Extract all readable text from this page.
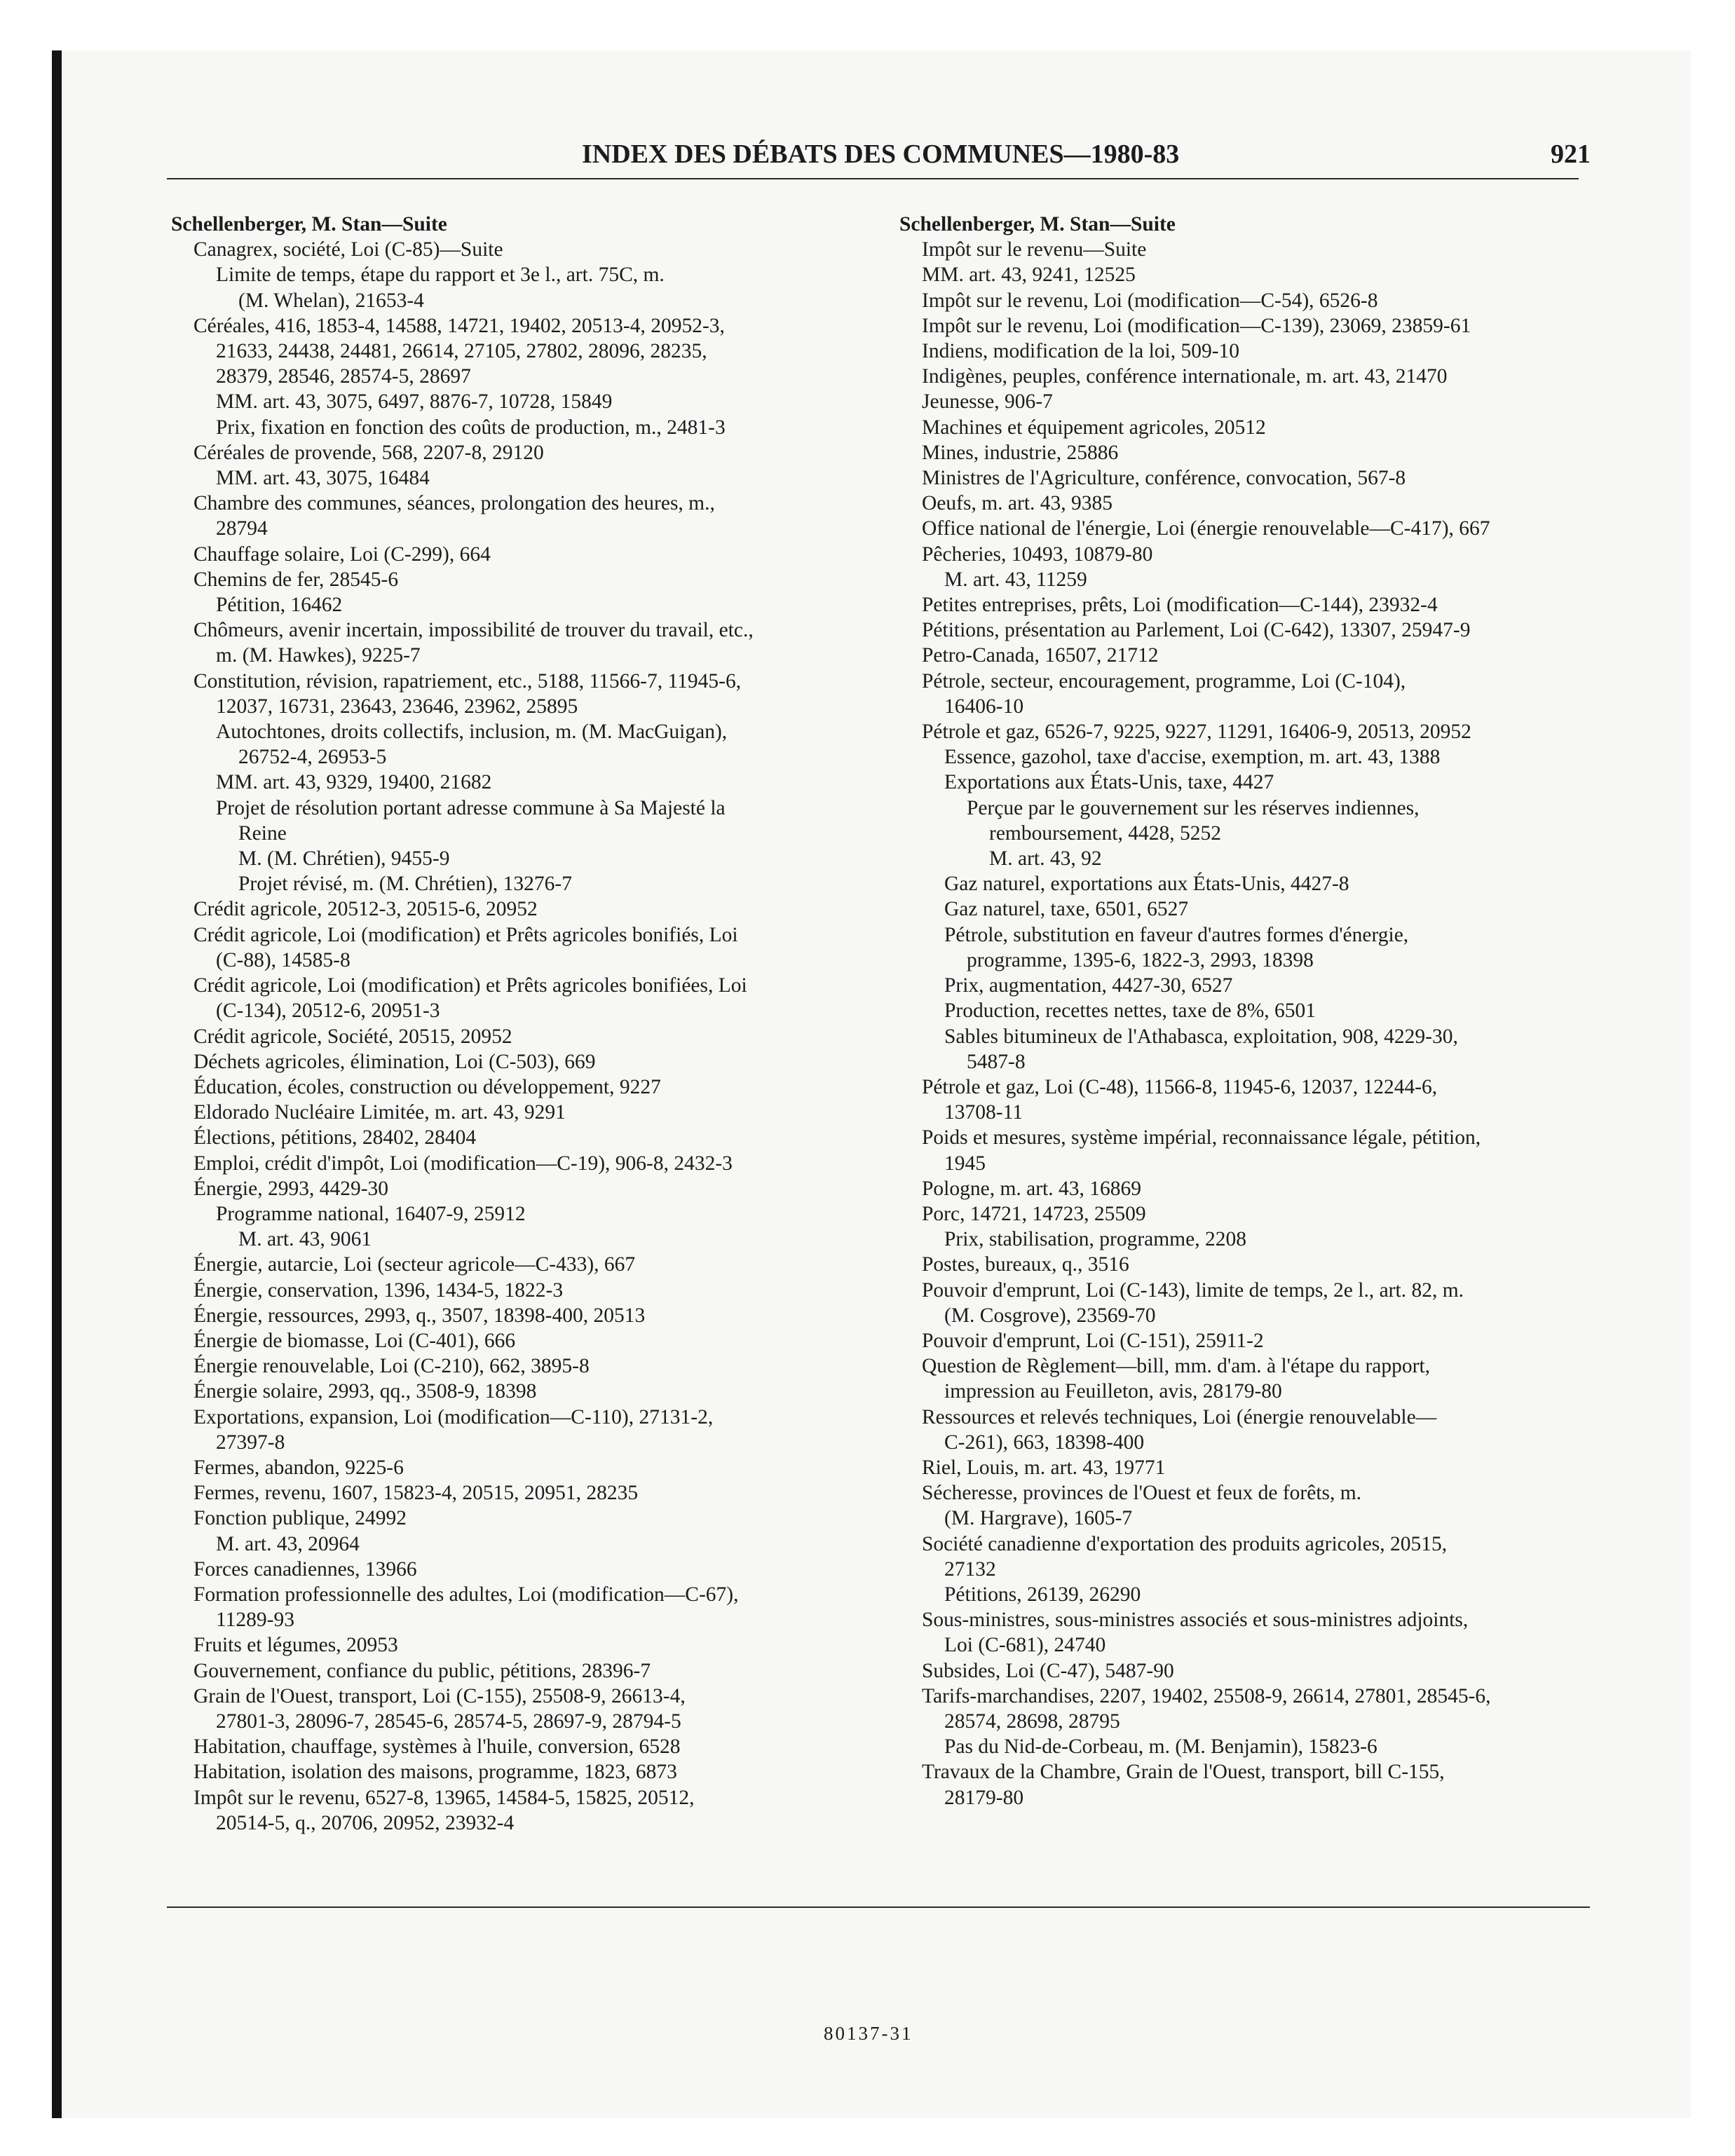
INDEX DES DÉBATS DES COMMUNES—1980-83	921
Schellenberger, M. Stan—Suite
Canagrex, société, Loi (C-85)—Suite
Limite de temps, étape du rapport et 3e l., art. 75C, m.
(M. Whelan), 21653-4
Céréales, 416, 1853-4, 14588, 14721, 19402, 20513-4, 20952-3,
21633, 24438, 24481, 26614, 27105, 27802, 28096, 28235,
28379, 28546, 28574-5, 28697
MM. art. 43, 3075, 6497, 8876-7, 10728, 15849
Prix, fixation en fonction des coûts de production, m., 2481-3
Céréales de provende, 568, 2207-8, 29120
MM. art. 43, 3075, 16484
Chambre des communes, séances, prolongation des heures, m.,
28794
Chauffage solaire, Loi (C-299), 664
Chemins de fer, 28545-6
Pétition, 16462
Chômeurs, avenir incertain, impossibilité de trouver du travail, etc.,
m. (M. Hawkes), 9225-7
Constitution, révision, rapatriement, etc., 5188, 11566-7, 11945-6,
12037, 16731, 23643, 23646, 23962, 25895
Autochtones, droits collectifs, inclusion, m. (M. MacGuigan),
26752-4, 26953-5
MM. art. 43, 9329, 19400, 21682
Projet de résolution portant adresse commune à Sa Majesté la
Reine
M. (M. Chrétien), 9455-9
Projet révisé, m. (M. Chrétien), 13276-7
Crédit agricole, 20512-3, 20515-6, 20952
Crédit agricole, Loi (modification) et Prêts agricoles bonifiés, Loi
(C-88), 14585-8
Crédit agricole, Loi (modification) et Prêts agricoles bonifiées, Loi
(C-134), 20512-6, 20951-3
Crédit agricole, Société, 20515, 20952
Déchets agricoles, élimination, Loi (C-503), 669
Éducation, écoles, construction ou développement, 9227
Eldorado Nucléaire Limitée, m. art. 43, 9291
Élections, pétitions, 28402, 28404
Emploi, crédit d'impôt, Loi (modification—C-19), 906-8, 2432-3
Énergie, 2993, 4429-30
Programme national, 16407-9, 25912
M. art. 43, 9061
Énergie, autarcie, Loi (secteur agricole—C-433), 667
Énergie, conservation, 1396, 1434-5, 1822-3
Énergie, ressources, 2993, q., 3507, 18398-400, 20513
Énergie de biomasse, Loi (C-401), 666
Énergie renouvelable, Loi (C-210), 662, 3895-8
Énergie solaire, 2993, qq., 3508-9, 18398
Exportations, expansion, Loi (modification—C-110), 27131-2,
27397-8
Fermes, abandon, 9225-6
Fermes, revenu, 1607, 15823-4, 20515, 20951, 28235
Fonction publique, 24992
M. art. 43, 20964
Forces canadiennes, 13966
Formation professionnelle des adultes, Loi (modification—C-67),
11289-93
Fruits et légumes, 20953
Gouvernement, confiance du public, pétitions, 28396-7
Grain de l'Ouest, transport, Loi (C-155), 25508-9, 26613-4,
27801-3, 28096-7, 28545-6, 28574-5, 28697-9, 28794-5
Habitation, chauffage, systèmes à l'huile, conversion, 6528
Habitation, isolation des maisons, programme, 1823, 6873
Impôt sur le revenu, 6527-8, 13965, 14584-5, 15825, 20512,
20514-5, q., 20706, 20952, 23932-4
Schellenberger, M. Stan—Suite
Impôt sur le revenu—Suite
MM. art. 43, 9241, 12525
Impôt sur le revenu, Loi (modification—C-54), 6526-8
Impôt sur le revenu, Loi (modification—C-139), 23069, 23859-61
Indiens, modification de la loi, 509-10
Indigènes, peuples, conférence internationale, m. art. 43, 21470
Jeunesse, 906-7
Machines et équipement agricoles, 20512
Mines, industrie, 25886
Ministres de l'Agriculture, conférence, convocation, 567-8
Oeufs, m. art. 43, 9385
Office national de l'énergie, Loi (énergie renouvelable—C-417), 667
Pêcheries, 10493, 10879-80
M. art. 43, 11259
Petites entreprises, prêts, Loi (modification—C-144), 23932-4
Pétitions, présentation au Parlement, Loi (C-642), 13307, 25947-9
Petro-Canada, 16507, 21712
Pétrole, secteur, encouragement, programme, Loi (C-104),
16406-10
Pétrole et gaz, 6526-7, 9225, 9227, 11291, 16406-9, 20513, 20952
Essence, gazohol, taxe d'accise, exemption, m. art. 43, 1388
Exportations aux États-Unis, taxe, 4427
Perçue par le gouvernement sur les réserves indiennes,
remboursement, 4428, 5252
M. art. 43, 92
Gaz naturel, exportations aux États-Unis, 4427-8
Gaz naturel, taxe, 6501, 6527
Pétrole, substitution en faveur d'autres formes d'énergie,
programme, 1395-6, 1822-3, 2993, 18398
Prix, augmentation, 4427-30, 6527
Production, recettes nettes, taxe de 8%, 6501
Sables bitumineux de l'Athabasca, exploitation, 908, 4229-30,
5487-8
Pétrole et gaz, Loi (C-48), 11566-8, 11945-6, 12037, 12244-6,
13708-11
Poids et mesures, système impérial, reconnaissance légale, pétition,
1945
Pologne, m. art. 43, 16869
Porc, 14721, 14723, 25509
Prix, stabilisation, programme, 2208
Postes, bureaux, q., 3516
Pouvoir d'emprunt, Loi (C-143), limite de temps, 2e l., art. 82, m.
(M. Cosgrove), 23569-70
Pouvoir d'emprunt, Loi (C-151), 25911-2
Question de Règlement—bill, mm. d'am. à l'étape du rapport,
impression au Feuilleton, avis, 28179-80
Ressources et relevés techniques, Loi (énergie renouvelable—
C-261), 663, 18398-400
Riel, Louis, m. art. 43, 19771
Sécheresse, provinces de l'Ouest et feux de forêts, m.
(M. Hargrave), 1605-7
Société canadienne d'exportation des produits agricoles, 20515,
27132
Pétitions, 26139, 26290
Sous-ministres, sous-ministres associés et sous-ministres adjoints,
Loi (C-681), 24740
Subsides, Loi (C-47), 5487-90
Tarifs-marchandises, 2207, 19402, 25508-9, 26614, 27801, 28545-6,
28574, 28698, 28795
Pas du Nid-de-Corbeau, m. (M. Benjamin), 15823-6
Travaux de la Chambre, Grain de l'Ouest, transport, bill C-155,
28179-80
80137-31
